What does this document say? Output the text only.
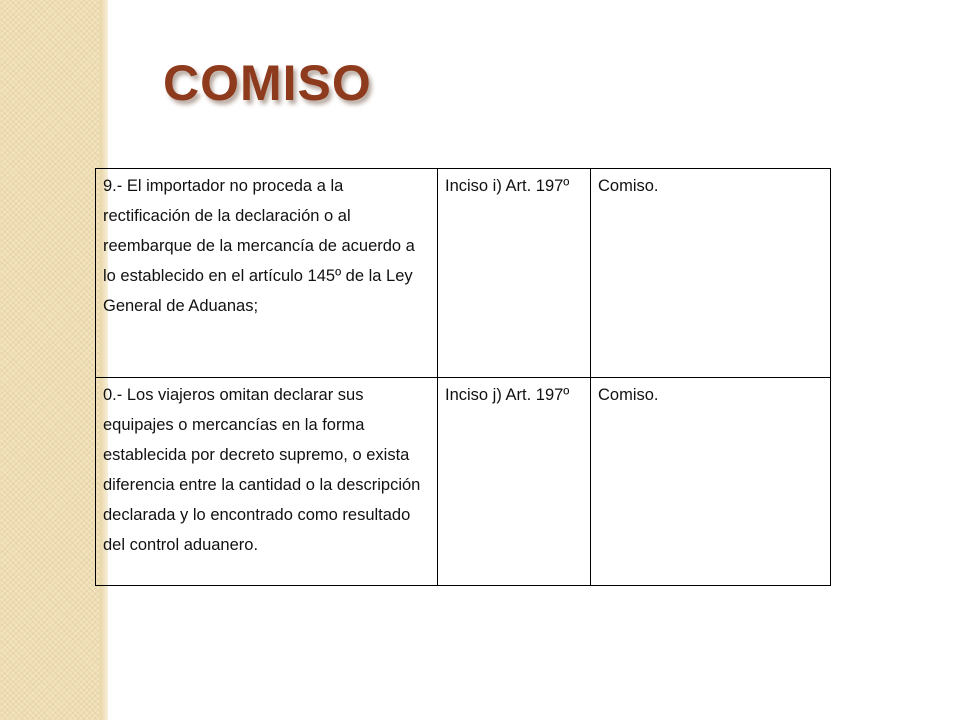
COMISO
9.- El importador no proceda a la rectificación de la declaración o al reembarque de la mercancía de acuerdo a lo establecido en el artículo 145º de la Ley General de Aduanas;	Inciso i) Art. 197º	Comiso.
0.- Los viajeros omitan declarar sus equipajes o mercancías en la forma establecida por decreto supremo, o exista diferencia entre la cantidad o la descripción declarada y lo encontrado como resultado del control aduanero.	Inciso j) Art. 197º	Comiso.
